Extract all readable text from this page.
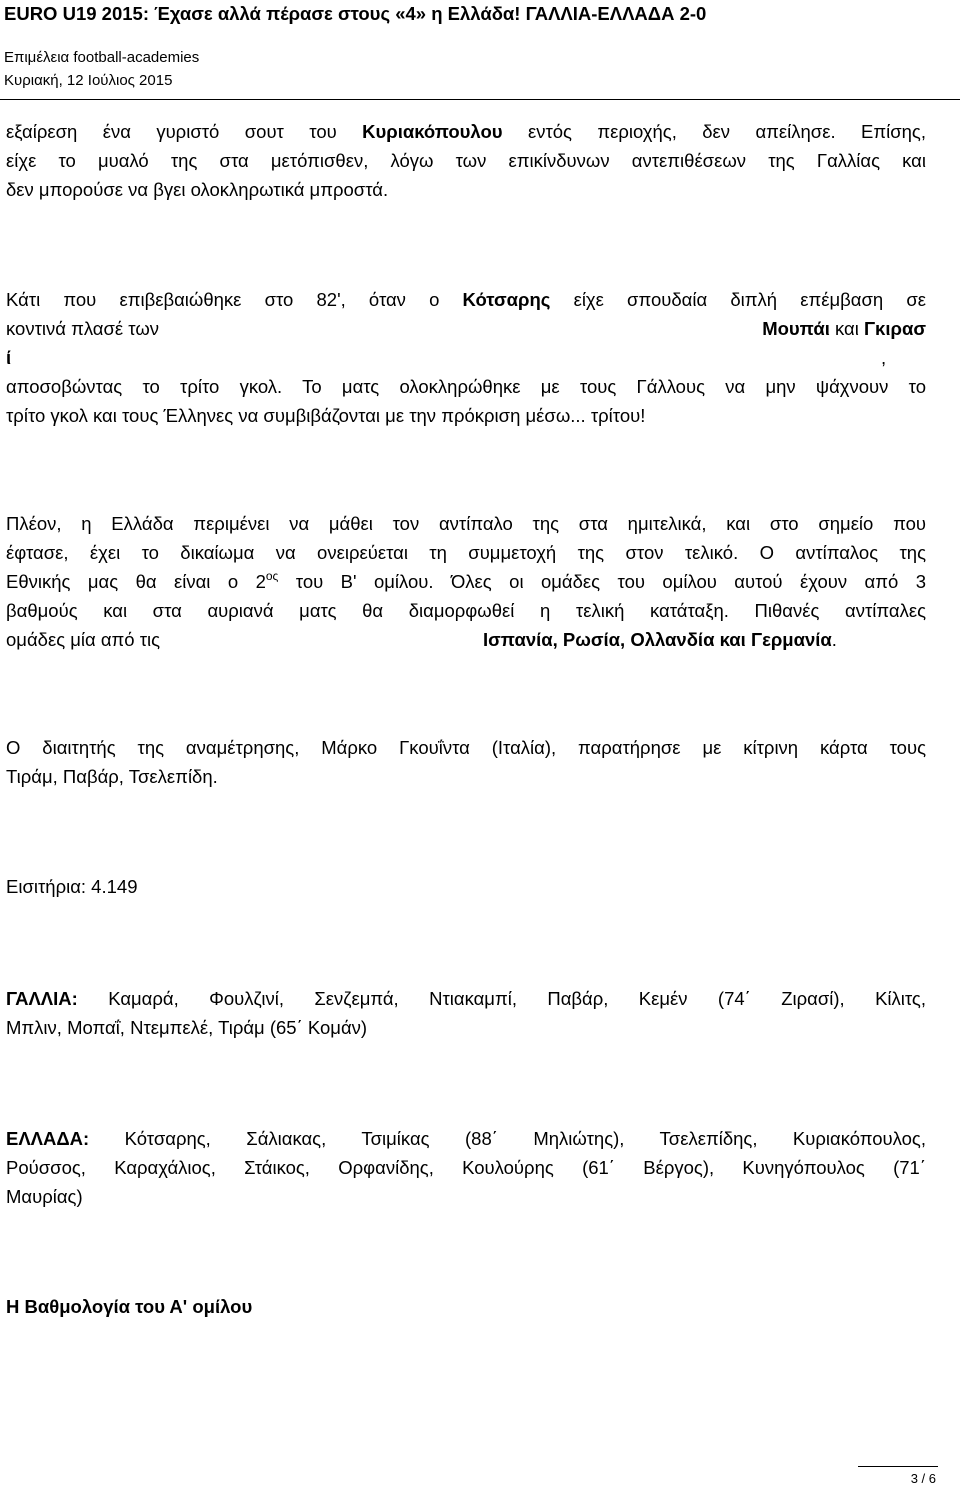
EURO U19 2015: Έχασε αλλά πέρασε στους «4» η Ελλάδα! ΓΑΛΛΙΑ-ΕΛΛΑΔΑ 2-0
Επιμέλεια football-academies
Κυριακή, 12 Ιούλιος 2015
εξαίρεση ένα γυριστό σουτ του Κυριακόπουλου εντός περιοχής, δεν απείλησε. Επίσης,
είχε το μυαλό της στα μετόπισθεν, λόγω των επικίνδυνων αντεπιθέσεων της Γαλλίας και
δεν μπορούσε να βγει ολοκληρωτικά μπροστά.
Κάτι που επιβεβαιώθηκε στο 82', όταν ο Κότσαρης είχε σπουδαία διπλή επέμβαση σε
κοντινά πλασέ των	Μουπάι και Γκιρασ
ί	,
αποσοβώντας το τρίτο γκολ. Το ματς ολοκληρώθηκε με τους Γάλλους να μην ψάχνουν το
τρίτο γκολ και τους Έλληνες να συμβιβάζονται με την πρόκριση μέσω... τρίτου!
Πλέον, η Ελλάδα περιμένει να μάθει τον αντίπαλο της στα ημιτελικά, και στο σημείο που
έφτασε, έχει το δικαίωμα να ονειρεύεται τη συμμετοχή της στον τελικό. Ο αντίπαλος της
Εθνικής μας θα είναι ο $2^{o\varsigma}$ του Β' ομίλου. Όλες οι ομάδες του ομίλου αυτού έχουν από 3
βαθμούς και στα αυριανά ματς θα διαμορφωθεί η τελική κατάταξη. Πιθανές αντίπαλες
ομάδες μία από τις	Ισπανία, Ρωσία, Ολλανδία και Γερμανία.
Ο διαιτητής της αναμέτρησης, Μάρκο Γκουΐντα (Ιταλία), παρατήρησε με κίτρινη κάρτα τους
Τιράμ, Παβάρ, Τσελεπίδη.
Εισιτήρια: 4.149
ΓΑΛΛΙΑ: Καμαρά, Φουλζινί, Σενζεμπά, Ντιακαμπί, Παβάρ, Κεμέν (74΄ Ζιρασί), Κίλιτς,
Μπλιν, Μοπαΐ, Ντεμπελέ, Τιράμ (65΄ Κομάν)
ΕΛΛΑΔΑ: Κότσαρης, Σάλιακας, Τσιμίκας (88΄ Μηλιώτης), Τσελεπίδης, Κυριακόπουλος,
Ρούσσος, Καραχάλιος, Στάικος, Ορφανίδης, Κουλούρης (61΄ Βέργος), Κυνηγόπουλος (71΄
Μαυρίας)
Η Βαθμολογία του Α' ομίλου
3 / 6
